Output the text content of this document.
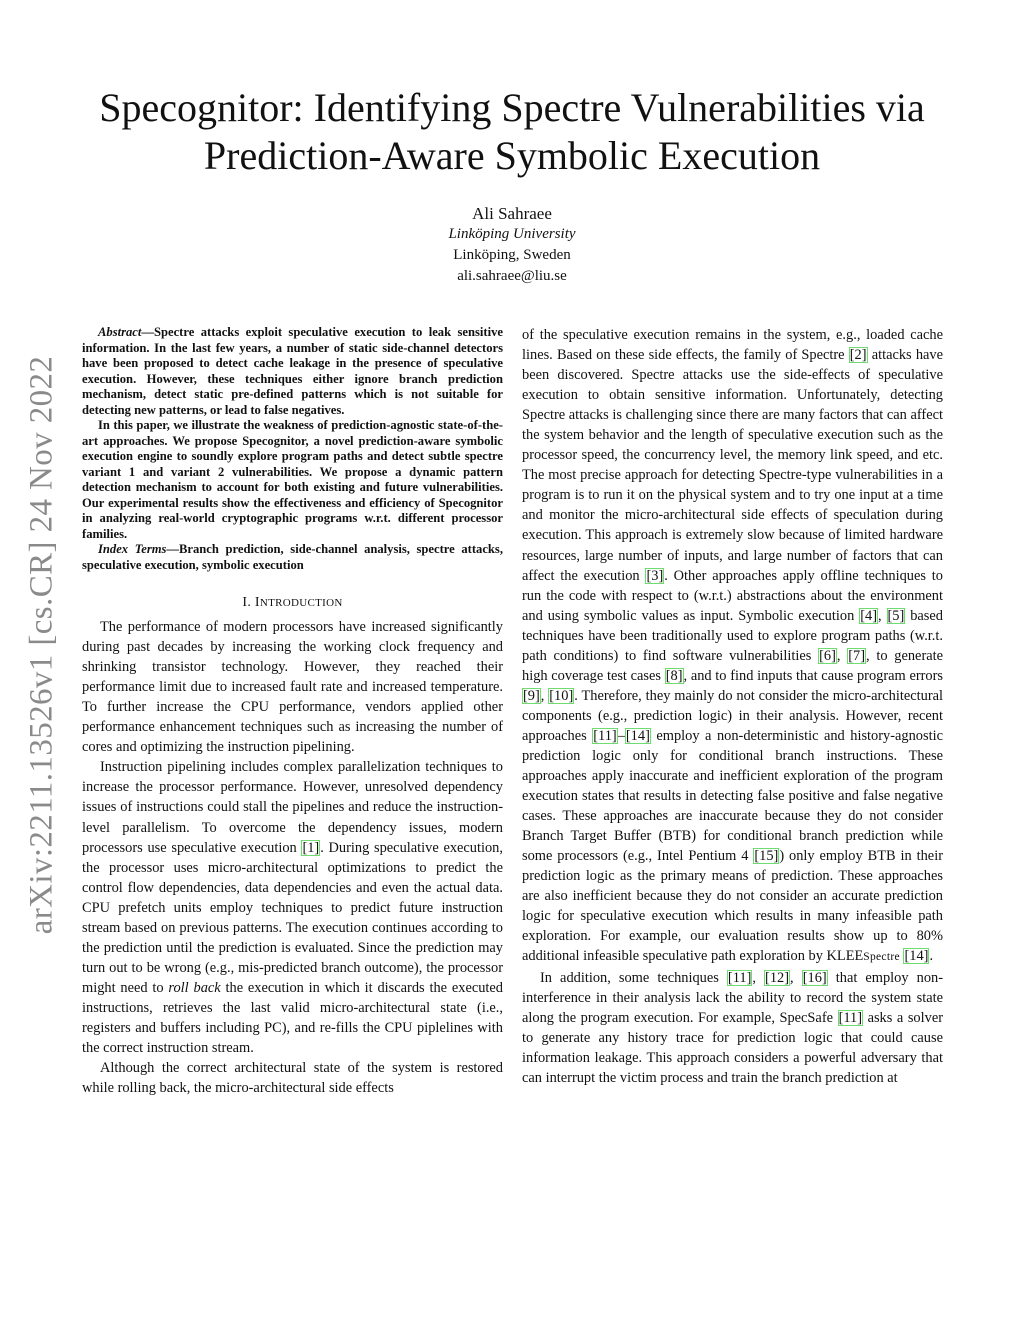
arXiv:2211.13526v1 [cs.CR] 24 Nov 2022
Specognitor: Identifying Spectre Vulnerabilities via
Prediction-Aware Symbolic Execution
Ali Sahraee
Linköping University
Linköping, Sweden
ali.sahraee@liu.se

Abstract—Spectre attacks exploit speculative execution to leak sensitive information. In the last few years, a number of static side-channel detectors have been proposed to detect cache leakage in the presence of speculative execution. However, these techniques either ignore branch prediction mechanism, detect static pre-defined patterns which is not suitable for detecting new patterns, or lead to false negatives.

In this paper, we illustrate the weakness of prediction-agnostic state-of-the-art approaches. We propose Specognitor, a novel prediction-aware symbolic execution engine to soundly explore program paths and detect subtle spectre variant 1 and variant 2 vulnerabilities. We propose a dynamic pattern detection mechanism to account for both existing and future vulnerabilities. Our experimental results show the effectiveness and efficiency of Specognitor in analyzing real-world cryptographic programs w.r.t. different processor families.

Index Terms—Branch prediction, side-channel analysis, spectre attacks, speculative execution, symbolic execution

I. INTRODUCTION

The performance of modern processors have increased significantly during past decades by increasing the working clock frequency and shrinking transistor technology. However, they reached their performance limit due to increased fault rate and increased temperature. To further increase the CPU performance, vendors applied other performance enhancement techniques such as increasing the number of cores and optimizing the instruction pipelining.

Instruction pipelining includes complex parallelization techniques to increase the processor performance. However, unresolved dependency issues of instructions could stall the pipelines and reduce the instruction-level parallelism. To overcome the dependency issues, modern processors use speculative execution [1]. During speculative execution, the processor uses micro-architectural optimizations to predict the control flow dependencies, data dependencies and even the actual data. CPU prefetch units employ techniques to predict future instruction stream based on previous patterns. The execution continues according to the prediction until the prediction is evaluated. Since the prediction may turn out to be wrong (e.g., mis-predicted branch outcome), the processor might need to roll back the execution in which it discards the executed instructions, retrieves the last valid micro-architectural state (i.e., registers and buffers including PC), and re-fills the CPU piplelines with the correct instruction stream.

Although the correct architectural state of the system is restored while rolling back, the micro-architectural side effects

of the speculative execution remains in the system, e.g., loaded cache lines. Based on these side effects, the family of Spectre [2] attacks have been discovered. Spectre attacks use the side-effects of speculative execution to obtain sensitive information. Unfortunately, detecting Spectre attacks is challenging since there are many factors that can affect the system behavior and the length of speculative execution such as the processor speed, the concurrency level, the memory link speed, and etc. The most precise approach for detecting Spectre-type vulnerabilities in a program is to run it on the physical system and to try one input at a time and monitor the micro-architectural side effects of speculation during execution. This approach is extremely slow because of limited hardware resources, large number of inputs, and large number of factors that can affect the execution [3]. Other approaches apply offline techniques to run the code with respect to (w.r.t.) abstractions about the environment and using symbolic values as input. Symbolic execution [4], [5] based techniques have been traditionally used to explore program paths (w.r.t. path conditions) to find software vulnerabilities [6], [7], to generate high coverage test cases [8], and to find inputs that cause program errors [9], [10]. Therefore, they mainly do not consider the micro-architectural components (e.g., prediction logic) in their analysis. However, recent approaches [11]–[14] employ a non-deterministic and history-agnostic prediction logic only for conditional branch instructions. These approaches apply inaccurate and inefficient exploration of the program execution states that results in detecting false positive and false negative cases. These approaches are inaccurate because they do not consider Branch Target Buffer (BTB) for conditional branch prediction while some processors (e.g., Intel Pentium 4 [15]) only employ BTB in their prediction logic as the primary means of prediction. These approaches are also inefficient because they do not consider an accurate prediction logic for speculative execution which results in many infeasible path exploration. For example, our evaluation results show up to 80% additional infeasible speculative path exploration by KLEESpectre [14].

In addition, some techniques [11], [12], [16] that employ non-interference in their analysis lack the ability to record the system state along the program execution. For example, SpecSafe [11] asks a solver to generate any history trace for prediction logic that could cause information leakage. This approach considers a powerful adversary that can interrupt the victim process and train the branch prediction at
